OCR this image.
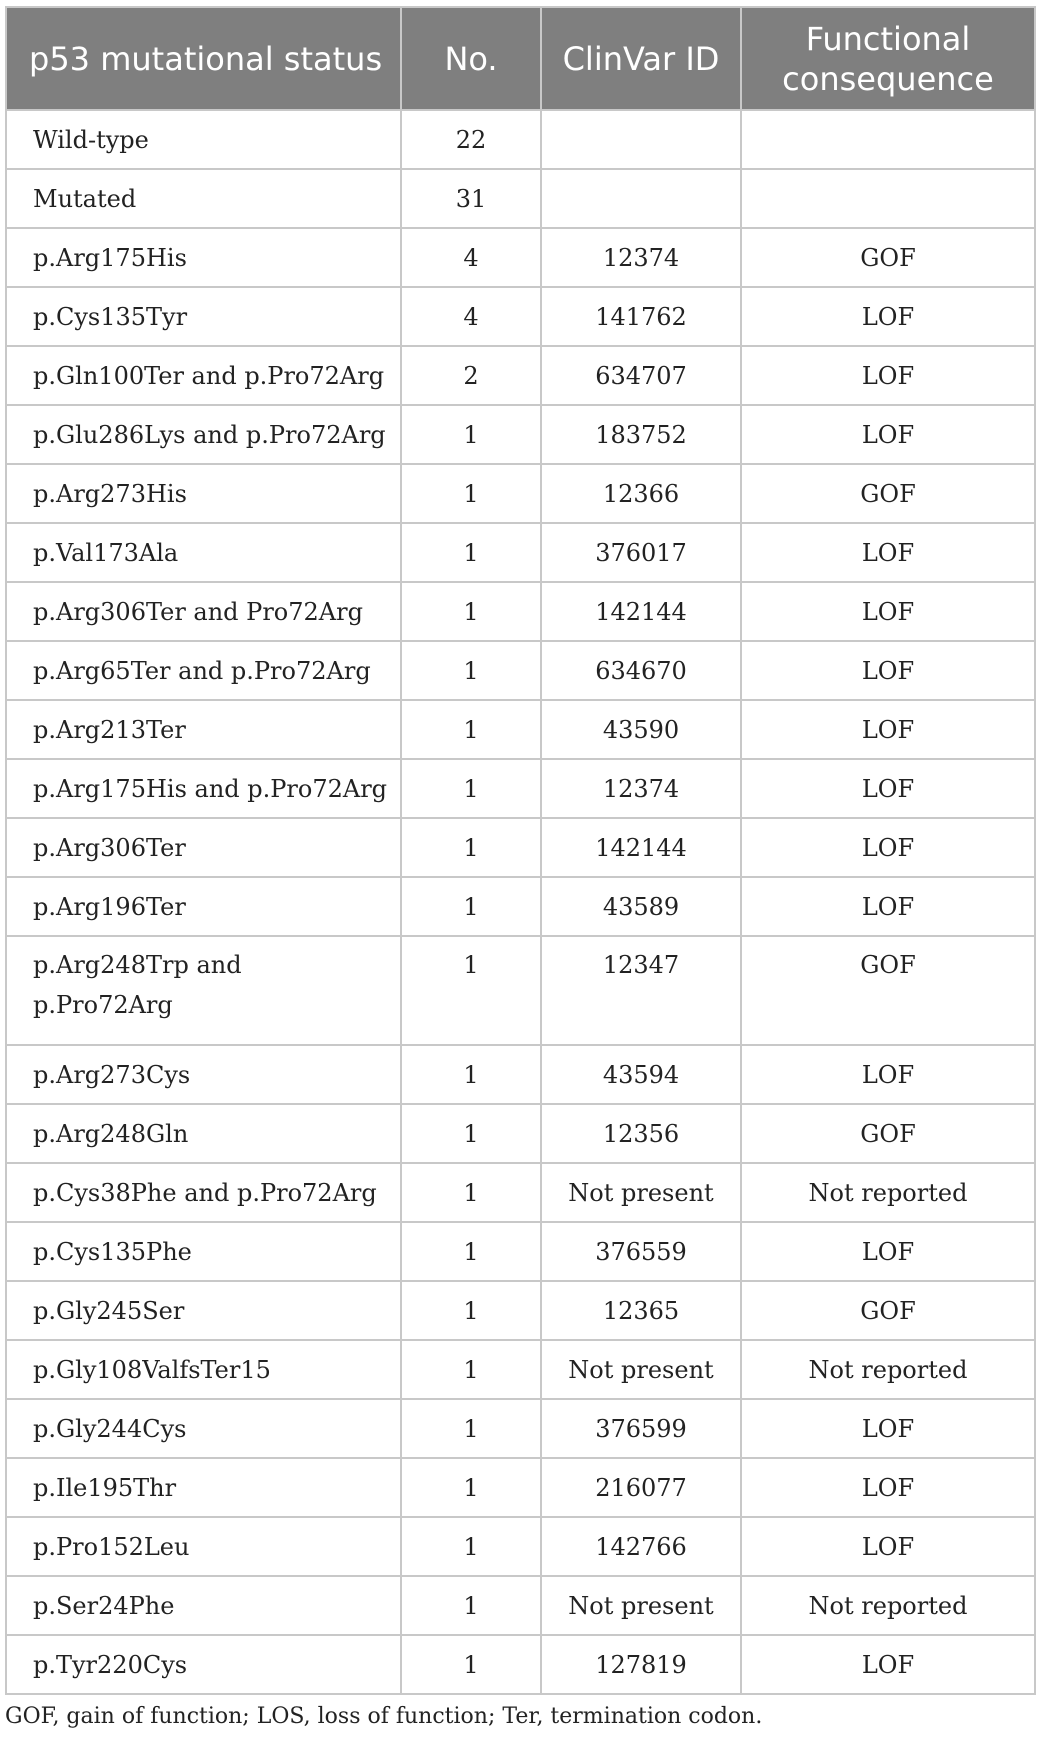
p53 mutational status	No.	ClinVar ID	Functional consequence
Wild-type	22		
Mutated	31		
p.Arg175His	4	12374	GOF
p.Cys135Tyr	4	141762	LOF
p.Gln100Ter and p.Pro72Arg	2	634707	LOF
p.Glu286Lys and p.Pro72Arg	1	183752	LOF
p.Arg273His	1	12366	GOF
p.Val173Ala	1	376017	LOF
p.Arg306Ter and Pro72Arg	1	142144	LOF
p.Arg65Ter and p.Pro72Arg	1	634670	LOF
p.Arg213Ter	1	43590	LOF
p.Arg175His and p.Pro72Arg	1	12374	LOF
p.Arg306Ter	1	142144	LOF
p.Arg196Ter	1	43589	LOF
p.Arg248Trp and p.Pro72Arg	1	12347	GOF
p.Arg273Cys	1	43594	LOF
p.Arg248Gln	1	12356	GOF
p.Cys38Phe and p.Pro72Arg	1	Not present	Not reported
p.Cys135Phe	1	376559	LOF
p.Gly245Ser	1	12365	GOF
p.Gly108ValfsTer15	1	Not present	Not reported
p.Gly244Cys	1	376599	LOF
p.Ile195Thr	1	216077	LOF
p.Pro152Leu	1	142766	LOF
p.Ser24Phe	1	Not present	Not reported
p.Tyr220Cys	1	127819	LOF
GOF, gain of function; LOS, loss of function; Ter, termination codon.
